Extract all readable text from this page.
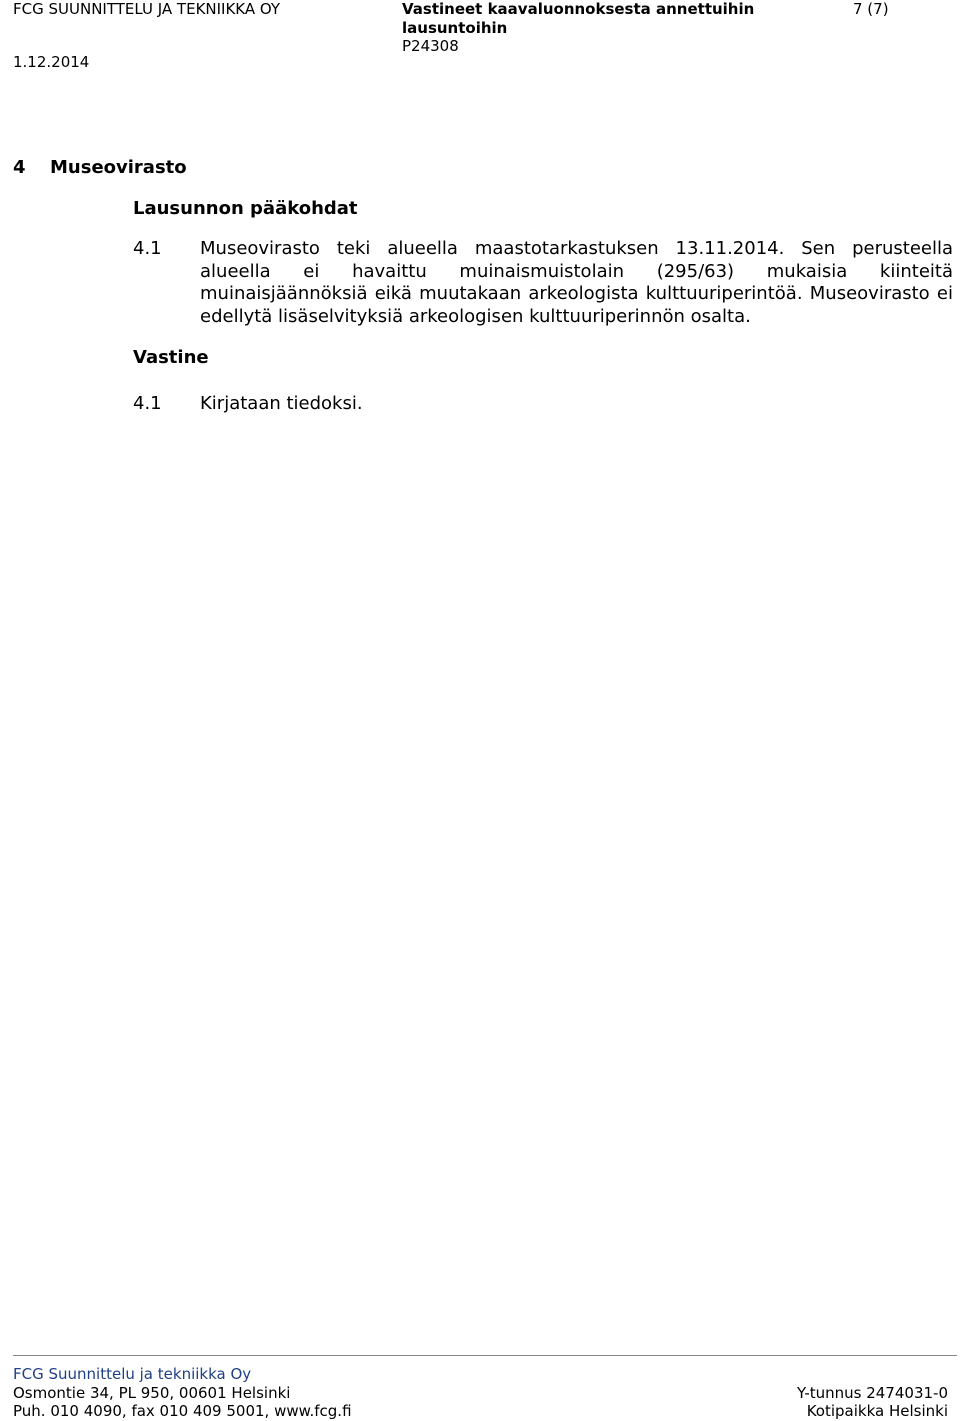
FCG SUUNNITTELU JA TEKNIIKKA OY	Vastineet kaavaluonnoksesta annettuihin lausuntoihin
P24308
7 (7)
1.12.2014
4 Museovirasto
Lausunnon pääkohdat
4.1 Museovirasto teki alueella maastotarkastuksen 13.11.2014. Sen perusteella alueella ei havaittu muinaismuistolain (295/63) mukaisia kiinteitä muinaisjäännöksiä eikä muutakaan arkeologista kulttuuriperintöä. Museovirasto ei edellytä lisäselvityksiä arkeologisen kulttuuriperinnön osalta.
Vastine
4.1 Kirjataan tiedoksi.
FCG Suunnittelu ja tekniikka Oy
Osmontie 34, PL 950, 00601 Helsinki
Puh. 010 4090, fax 010 409 5001, www.fcg.fi
Y-tunnus 2474031-0
Kotipaikka Helsinki
